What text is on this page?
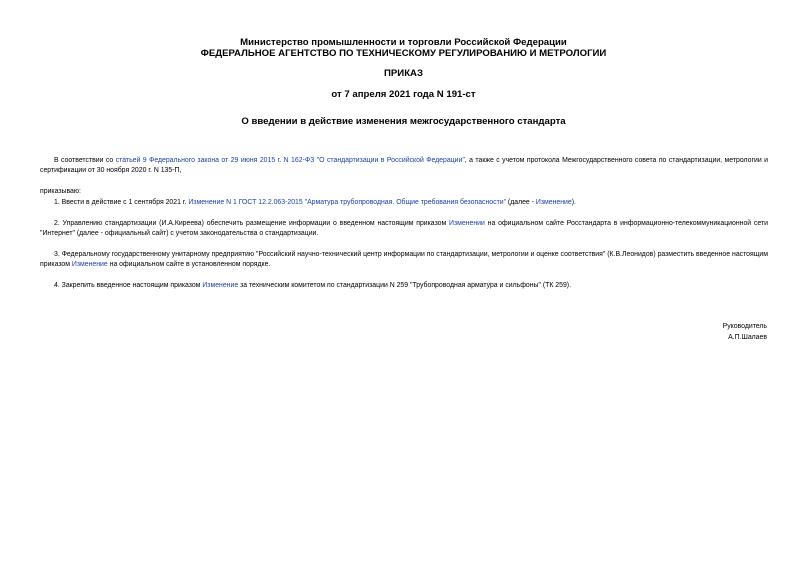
Министерство промышленности и торговли Российской Федерации
ФЕДЕРАЛЬНОЕ АГЕНТСТВО ПО ТЕХНИЧЕСКОМУ РЕГУЛИРОВАНИЮ И МЕТРОЛОГИИ
ПРИКАЗ
от 7 апреля 2021 года N 191-ст
О введении в действие изменения межгосударственного стандарта
В соответствии со статьей 9 Федерального закона от 29 июня 2015 г. N 162-ФЗ "О стандартизации в Российской Федерации", а также с учетом протокола Межгосударственного совета по стандартизации, метрологии и сертификации от 30 ноября 2020 г. N 135-П,
приказываю:
1. Ввести в действие с 1 сентября 2021 г. Изменение N 1 ГОСТ 12.2.063-2015 "Арматура трубопроводная. Общие требования безопасности" (далее - Изменение).
2. Управлению стандартизации (И.А.Киреева) обеспечить размещение информации о введенном настоящим приказом Изменении на официальном сайте Росстандарта в информационно-телекоммуникационной сети "Интернет" (далее - официальный сайт) с учетом законодательства о стандартизации.
3. Федеральному государственному унитарному предприятию "Российский научно-технический центр информации по стандартизации, метрологии и оценке соответствия" (К.В.Леонидов) разместить введенное настоящим приказом Изменение на официальном сайте в установленном порядке.
4. Закрепить введенное настоящим приказом Изменение за техническим комитетом по стандартизации N 259 "Трубопроводная арматура и сильфоны" (ТК 259).
Руководитель
А.П.Шалаев
